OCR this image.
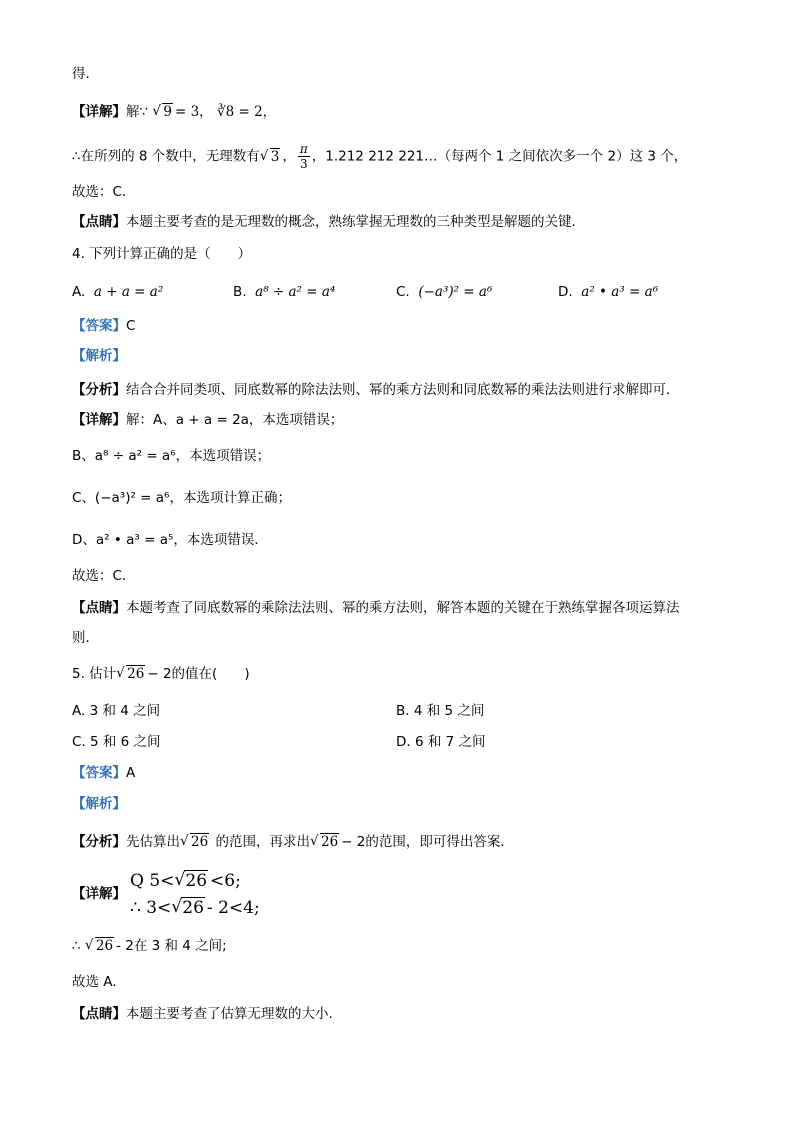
得．
【详解】解∵ √ 9 = 3， ∛8 = 2，
∴在所列的 8 个数中，无理数有 √ 3 ， $\frac{\pi}{3}$ ，1.212 212 221…（每两个 1 之间依次多一个 2）这 3 个，
故选：C．
【点睛】本题主要考查的是无理数的概念，熟练掌握无理数的三种类型是解题的关键．
4. 下列计算正确的是（　　）
A. a + a = a²	B. a⁸ ÷ a² = a⁴	C. (−a³)² = a⁶	D. a² • a³ = a⁶
【答案】C
【解析】
【分析】结合合并同类项、同底数幂的除法法则、幂的乘方法则和同底数幂的乘法法则进行求解即可．
【详解】解：A、a + a = 2a，本选项错误；
B、a⁸ ÷ a² = a⁶，本选项错误；
C、(−a³)² = a⁶，本选项计算正确；
D、a² • a³ = a⁵，本选项错误．
故选：C．
【点睛】本题考查了同底数幂的乘除法法则、幂的乘方法则，解答本题的关键在于熟练掌握各项运算法
则．
5. 估计 √ 26 − 2的值在(　　)
A. 3 和 4 之间	B. 4 和 5 之间
C. 5 和 6 之间	D. 6 和 7 之间
【答案】A
【解析】
【分析】先估算出 √ 26 的范围，再求出 √ 26 − 2的范围，即可得出答案.
【详解】
Q 5< √ 26 <6;
∴ 3< √ 26 - 2<4;
∴ √ 26 - 2在 3 和 4 之间;
故选 A.
【点睛】本题主要考查了估算无理数的大小.
